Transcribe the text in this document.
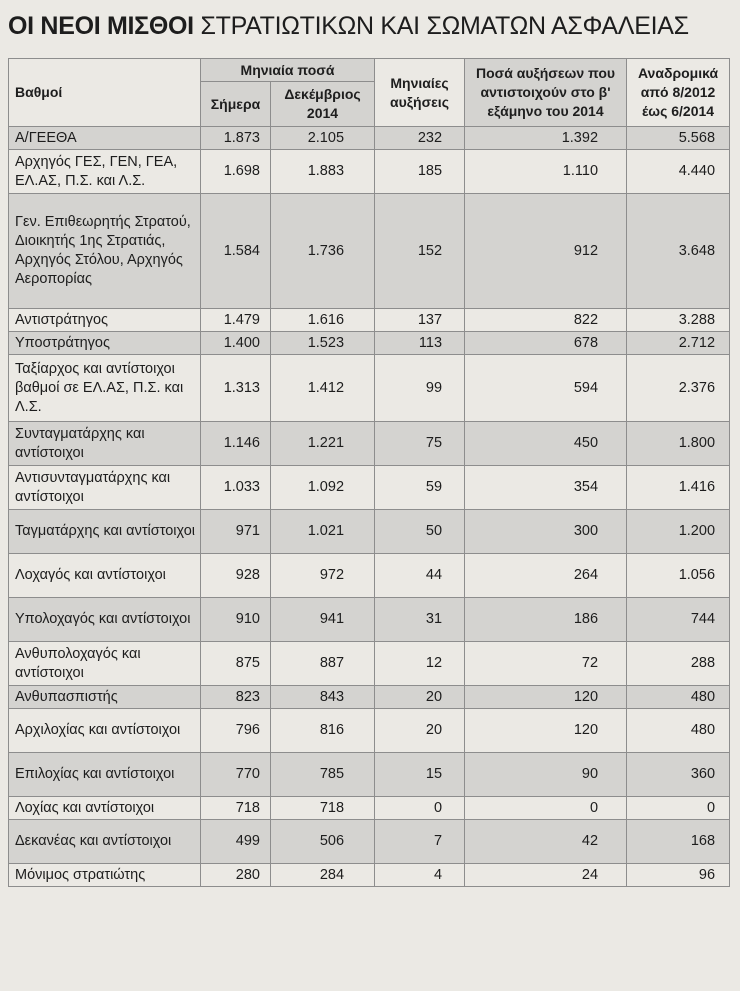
ΟΙ ΝΕΟΙ ΜΙΣΘΟΙ ΣΤΡΑΤΙΩΤΙΚΩΝ ΚΑΙ ΣΩΜΑΤΩΝ ΑΣΦΑΛΕΙΑΣ
Βαθμοί	Μηνιαία ποσά		Μηνιαίες αυξήσεις	Ποσά αυξήσεων που αντιστοιχούν στο β' εξάμηνο του 2014	Αναδρομικά από 8/2012 έως 6/2014
	Σήμερα	Δεκέμβριος 2014			
Α/ΓΕΕΘΑ	1.873	2.105	232	1.392	5.568
Αρχηγός ΓΕΣ, ΓΕΝ, ΓΕΑ, ΕΛ.ΑΣ, Π.Σ. και Λ.Σ.	1.698	1.883	185	1.110	4.440
Γεν. Επιθεωρητής Στρατού, Διοικητής 1ης Στρατιάς, Αρχηγός Στόλου, Αρχηγός Αεροπορίας	1.584	1.736	152	912	3.648
Αντιστράτηγος	1.479	1.616	137	822	3.288
Υποστράτηγος	1.400	1.523	113	678	2.712
Ταξίαρχος και αντίστοιχοι βαθμοί σε ΕΛ.ΑΣ, Π.Σ. και Λ.Σ.	1.313	1.412	99	594	2.376
Συνταγματάρχης και αντίστοιχοι	1.146	1.221	75	450	1.800
Αντισυνταγματάρχης και αντίστοιχοι	1.033	1.092	59	354	1.416
Ταγματάρχης και αντίστοιχοι	971	1.021	50	300	1.200
Λοχαγός και αντίστοιχοι	928	972	44	264	1.056
Υπολοχαγός και αντίστοιχοι	910	941	31	186	744
Ανθυπολοχαγός και αντίστοιχοι	875	887	12	72	288
Ανθυπασπιστής	823	843	20	120	480
Αρχιλοχίας και αντίστοιχοι	796	816	20	120	480
Επιλοχίας και αντίστοιχοι	770	785	15	90	360
Λοχίας και αντίστοιχοι	718	718	0	0	0
Δεκανέας και αντίστοιχοι	499	506	7	42	168
Μόνιμος στρατιώτης	280	284	4	24	96
